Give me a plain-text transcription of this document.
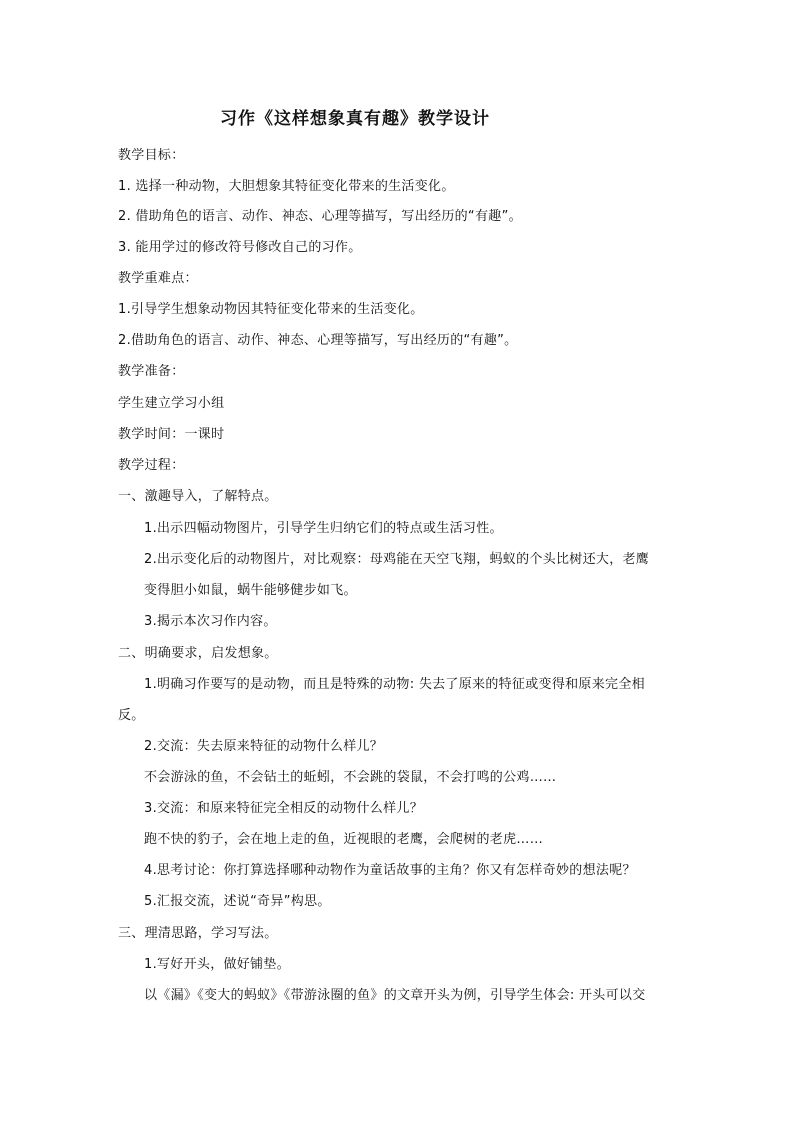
习作《这样想象真有趣》教学设计
教学目标：
1. 选择一种动物，大胆想象其特征变化带来的生活变化。
2. 借助角色的语言、动作、神态、心理等描写，写出经历的“有趣”。
3. 能用学过的修改符号修改自己的习作。
教学重难点：
1.引导学生想象动物因其特征变化带来的生活变化。
2.借助角色的语言、动作、神态、心理等描写，写出经历的“有趣”。
教学准备：
学生建立学习小组
教学时间：一课时
教学过程：
一、激趣导入，了解特点。
1.出示四幅动物图片，引导学生归纳它们的特点或生活习性。
2.出示变化后的动物图片，对比观察：母鸡能在天空飞翔，蚂蚁的个头比树还大，老鹰
变得胆小如鼠，蜗牛能够健步如飞。
3.揭示本次习作内容。
二、明确要求，启发想象。
1.明确习作要写的是动物，而且是特殊的动物: 失去了原来的特征或变得和原来完全相
反。
2.交流：失去原来特征的动物什么样儿？
不会游泳的鱼，不会钻土的蚯蚓，不会跳的袋鼠，不会打鸣的公鸡……
3.交流：和原来特征完全相反的动物什么样儿？
跑不快的豹子，会在地上走的鱼，近视眼的老鹰，会爬树的老虎……
4.思考讨论：你打算选择哪种动物作为童话故事的主角？你又有怎样奇妙的想法呢？
5.汇报交流，述说“奇异”构思。
三、理清思路，学习写法。
1.写好开头，做好铺垫。
以《漏》《变大的蚂蚁》《带游泳圈的鱼》的文章开头为例，引导学生体会: 开头可以交
